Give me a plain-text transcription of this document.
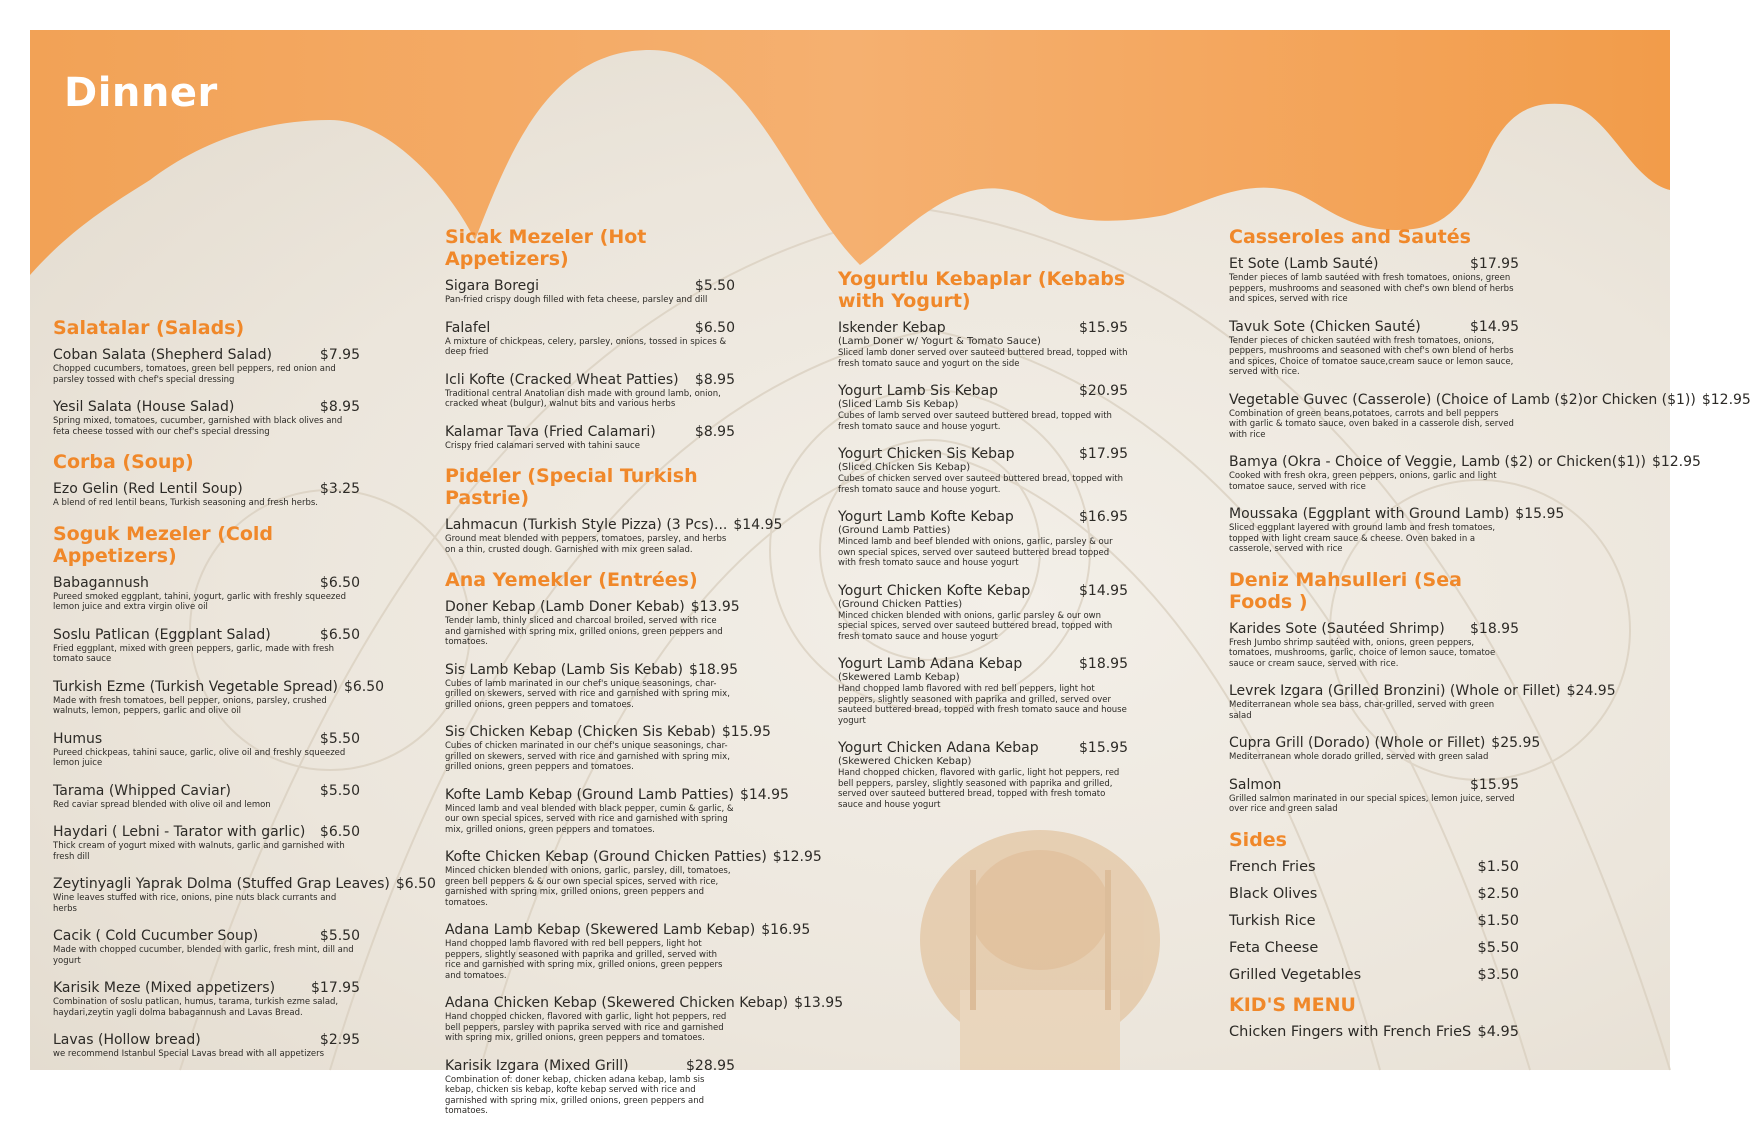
Dinner
Salatalar (Salads)
Coban Salata (Shepherd Salad)	$7.95
Chopped cucumbers, tomatoes, green bell peppers, red onion and parsley tossed with chef's special dressing
Yesil Salata (House Salad)	$8.95
Spring mixed, tomatoes, cucumber, garnished with black olives and feta cheese tossed with our chef's special dressing
Corba (Soup)
Ezo Gelin (Red Lentil Soup)	$3.25
A blend of red lentil beans, Turkish seasoning and fresh herbs.
Soguk Mezeler (Cold Appetizers)
Babagannush	$6.50
Pureed smoked eggplant, tahini, yogurt, garlic with freshly squeezed lemon juice and extra virgin olive oil
Soslu Patlican (Eggplant Salad)	$6.50
Fried eggplant, mixed with green peppers, garlic, made with fresh tomato sauce
Turkish Ezme (Turkish Vegetable Spread) $6.50
Made with fresh tomatoes, bell pepper, onions, parsley, crushed walnuts, lemon, peppers, garlic and olive oil
Humus	$5.50
Pureed chickpeas, tahini sauce, garlic, olive oil and freshly squeezed lemon juice
Tarama (Whipped Caviar)	$5.50
Red caviar spread blended with olive oil and lemon
Haydari ( Lebni - Tarator with garlic)	$6.50
Thick cream of yogurt mixed with walnuts, garlic and garnished with fresh dill
Zeytinyagli Yaprak Dolma (Stuffed Grap Leaves) $6.50
Wine leaves stuffed with rice, onions, pine nuts black currants and herbs
Cacik ( Cold Cucumber Soup)	$5.50
Made with chopped cucumber, blended with garlic, fresh mint, dill and yogurt
Karisik Meze (Mixed appetizers)	$17.95
Combination of soslu patlican, humus, tarama, turkish ezme salad, haydari,zeytin yagli dolma babagannush and Lavas Bread.
Lavas (Hollow bread)	$2.95
we recommend Istanbul Special Lavas bread with all appetizers
Sicak Mezeler (Hot Appetizers)
Sigara Boregi	$5.50
Pan-fried crispy dough filled with feta cheese, parsley and dill
Falafel	$6.50
A mixture of chickpeas, celery, parsley, onions, tossed in spices & deep fried
Icli Kofte (Cracked Wheat Patties)	$8.95
Traditional central Anatolian dish made with ground lamb, onion, cracked wheat (bulgur), walnut bits and various herbs
Kalamar Tava (Fried Calamari)	$8.95
Crispy fried calamari served with tahini sauce
Pideler (Special Turkish Pastrie)
Lahmacun (Turkish Style Pizza) (3 Pcs)... $14.95
Ground meat blended with peppers, tomatoes, parsley, and herbs on a thin, crusted dough. Garnished with mix green salad.
Ana Yemekler (Entrées)
Doner Kebap (Lamb Doner Kebab) $13.95
Tender lamb, thinly sliced and charcoal broiled, served with rice and garnished with spring mix, grilled onions, green peppers and tomatoes.
Sis Lamb Kebap (Lamb Sis Kebab) $18.95
Cubes of lamb marinated in our chef's unique seasonings, char-grilled on skewers, served with rice and garnished with spring mix, grilled onions, green peppers and tomatoes.
Sis Chicken Kebap (Chicken Sis Kebab) $15.95
Cubes of chicken marinated in our chef's unique seasonings, char-grilled on skewers, served with rice and garnished with spring mix, grilled onions, green peppers and tomatoes.
Kofte Lamb Kebap (Ground Lamb Patties) $14.95
Minced lamb and veal blended with black pepper, cumin & garlic, & our own special spices, served with rice and garnished with spring mix, grilled onions, green peppers and tomatoes.
Kofte Chicken Kebap (Ground Chicken Patties) $12.95
Minced chicken blended with onions, garlic, parsley, dill, tomatoes, green bell peppers & & our own special spices, served with rice, garnished with spring mix, grilled onions, green peppers and tomatoes.
Adana Lamb Kebap (Skewered Lamb Kebap) $16.95
Hand chopped lamb flavored with red bell peppers, light hot peppers, slightly seasoned with paprika and grilled, served with rice and garnished with spring mix, grilled onions, green peppers and tomatoes.
Adana Chicken Kebap (Skewered Chicken Kebap) $13.95
Hand chopped chicken, flavored with garlic, light hot peppers, red bell peppers, parsley with paprika served with rice and garnished with spring mix, grilled onions, green peppers and tomatoes.
Karisik Izgara (Mixed Grill)	$28.95
Combination of: doner kebap, chicken adana kebap, lamb sis kebap, chicken sis kebap, kofte kebap served with rice and garnished with spring mix, grilled onions, green peppers and tomatoes.
Yogurtlu Kebaplar (Kebabs with Yogurt)
Iskender Kebap	$15.95
(Lamb Doner w/ Yogurt & Tomato Sauce)
Sliced lamb doner served over sauteed buttered bread, topped with fresh tomato sauce and yogurt on the side
Yogurt Lamb Sis Kebap	$20.95
(Sliced Lamb Sis Kebap)
Cubes of lamb served over sauteed buttered bread, topped with fresh tomato sauce and house yogurt.
Yogurt Chicken Sis Kebap	$17.95
(Sliced Chicken Sis Kebap)
Cubes of chicken served over sauteed buttered bread, topped with fresh tomato sauce and house yogurt.
Yogurt Lamb Kofte Kebap	$16.95
(Ground Lamb Patties)
Minced lamb and beef blended with onions, garlic, parsley & our own special spices, served over sauteed buttered bread topped with fresh tomato sauce and house yogurt
Yogurt Chicken Kofte Kebap	$14.95
(Ground Chicken Patties)
Minced chicken blended with onions, garlic parsley & our own special spices, served over sauteed buttered bread, topped with fresh tomato sauce and house yogurt
Yogurt Lamb Adana Kebap	$18.95
(Skewered Lamb Kebap)
Hand chopped lamb flavored with red bell peppers, light hot peppers, slightly seasoned with paprika and grilled, served over sauteed buttered bread, topped with fresh tomato sauce and house yogurt
Yogurt Chicken Adana Kebap	$15.95
(Skewered Chicken Kebap)
Hand chopped chicken, flavored with garlic, light hot peppers, red bell peppers, parsley, slightly seasoned with paprika and grilled, served over sauteed buttered bread, topped with fresh tomato sauce and house yogurt
Casseroles and Sautés
Et Sote (Lamb Sauté)	$17.95
Tender pieces of lamb sautéed with fresh tomatoes, onions, green peppers, mushrooms and seasoned with chef's own blend of herbs and spices, served with rice
Tavuk Sote (Chicken Sauté)	$14.95
Tender pieces of chicken sautéed with fresh tomatoes, onions, peppers, mushrooms and seasoned with chef's own blend of herbs and spices, Choice of tomatoe sauce,cream sauce or lemon sauce, served with rice.
Vegetable Guvec (Casserole) (Choice of Lamb ($2)or Chicken ($1)) $12.95
Combination of green beans,potatoes, carrots and bell peppers with garlic & tomato sauce, oven baked in a casserole dish, served with rice
Bamya (Okra - Choice of Veggie, Lamb ($2) or Chicken($1)) $12.95
Cooked with fresh okra, green peppers, onions, garlic and light tomatoe sauce, served with rice
Moussaka (Eggplant with Ground Lamb) $15.95
Sliced eggplant layered with ground lamb and fresh tomatoes, topped with light cream sauce & cheese. Oven baked in a casserole, served with rice
Deniz Mahsulleri (Sea Foods )
Karides Sote (Sautéed Shrimp)	$18.95
Fresh Jumbo shrimp sautéed with, onions, green peppers, tomatoes, mushrooms, garlic, choice of lemon sauce, tomatoe sauce or cream sauce, served with rice.
Levrek Izgara (Grilled Bronzini) (Whole or Fillet) $24.95
Mediterranean whole sea bass, char-grilled, served with green salad
Cupra Grill (Dorado) (Whole or Fillet) $25.95
Mediterranean whole dorado grilled, served with green salad
Salmon	$15.95
Grilled salmon marinated in our special spices, lemon juice, served over rice and green salad
Sides
French Fries	$1.50
Black Olives	$2.50
Turkish Rice	$1.50
Feta Cheese	$5.50
Grilled Vegetables	$3.50
KID'S MENU
Chicken Fingers with French FrieS $4.95
